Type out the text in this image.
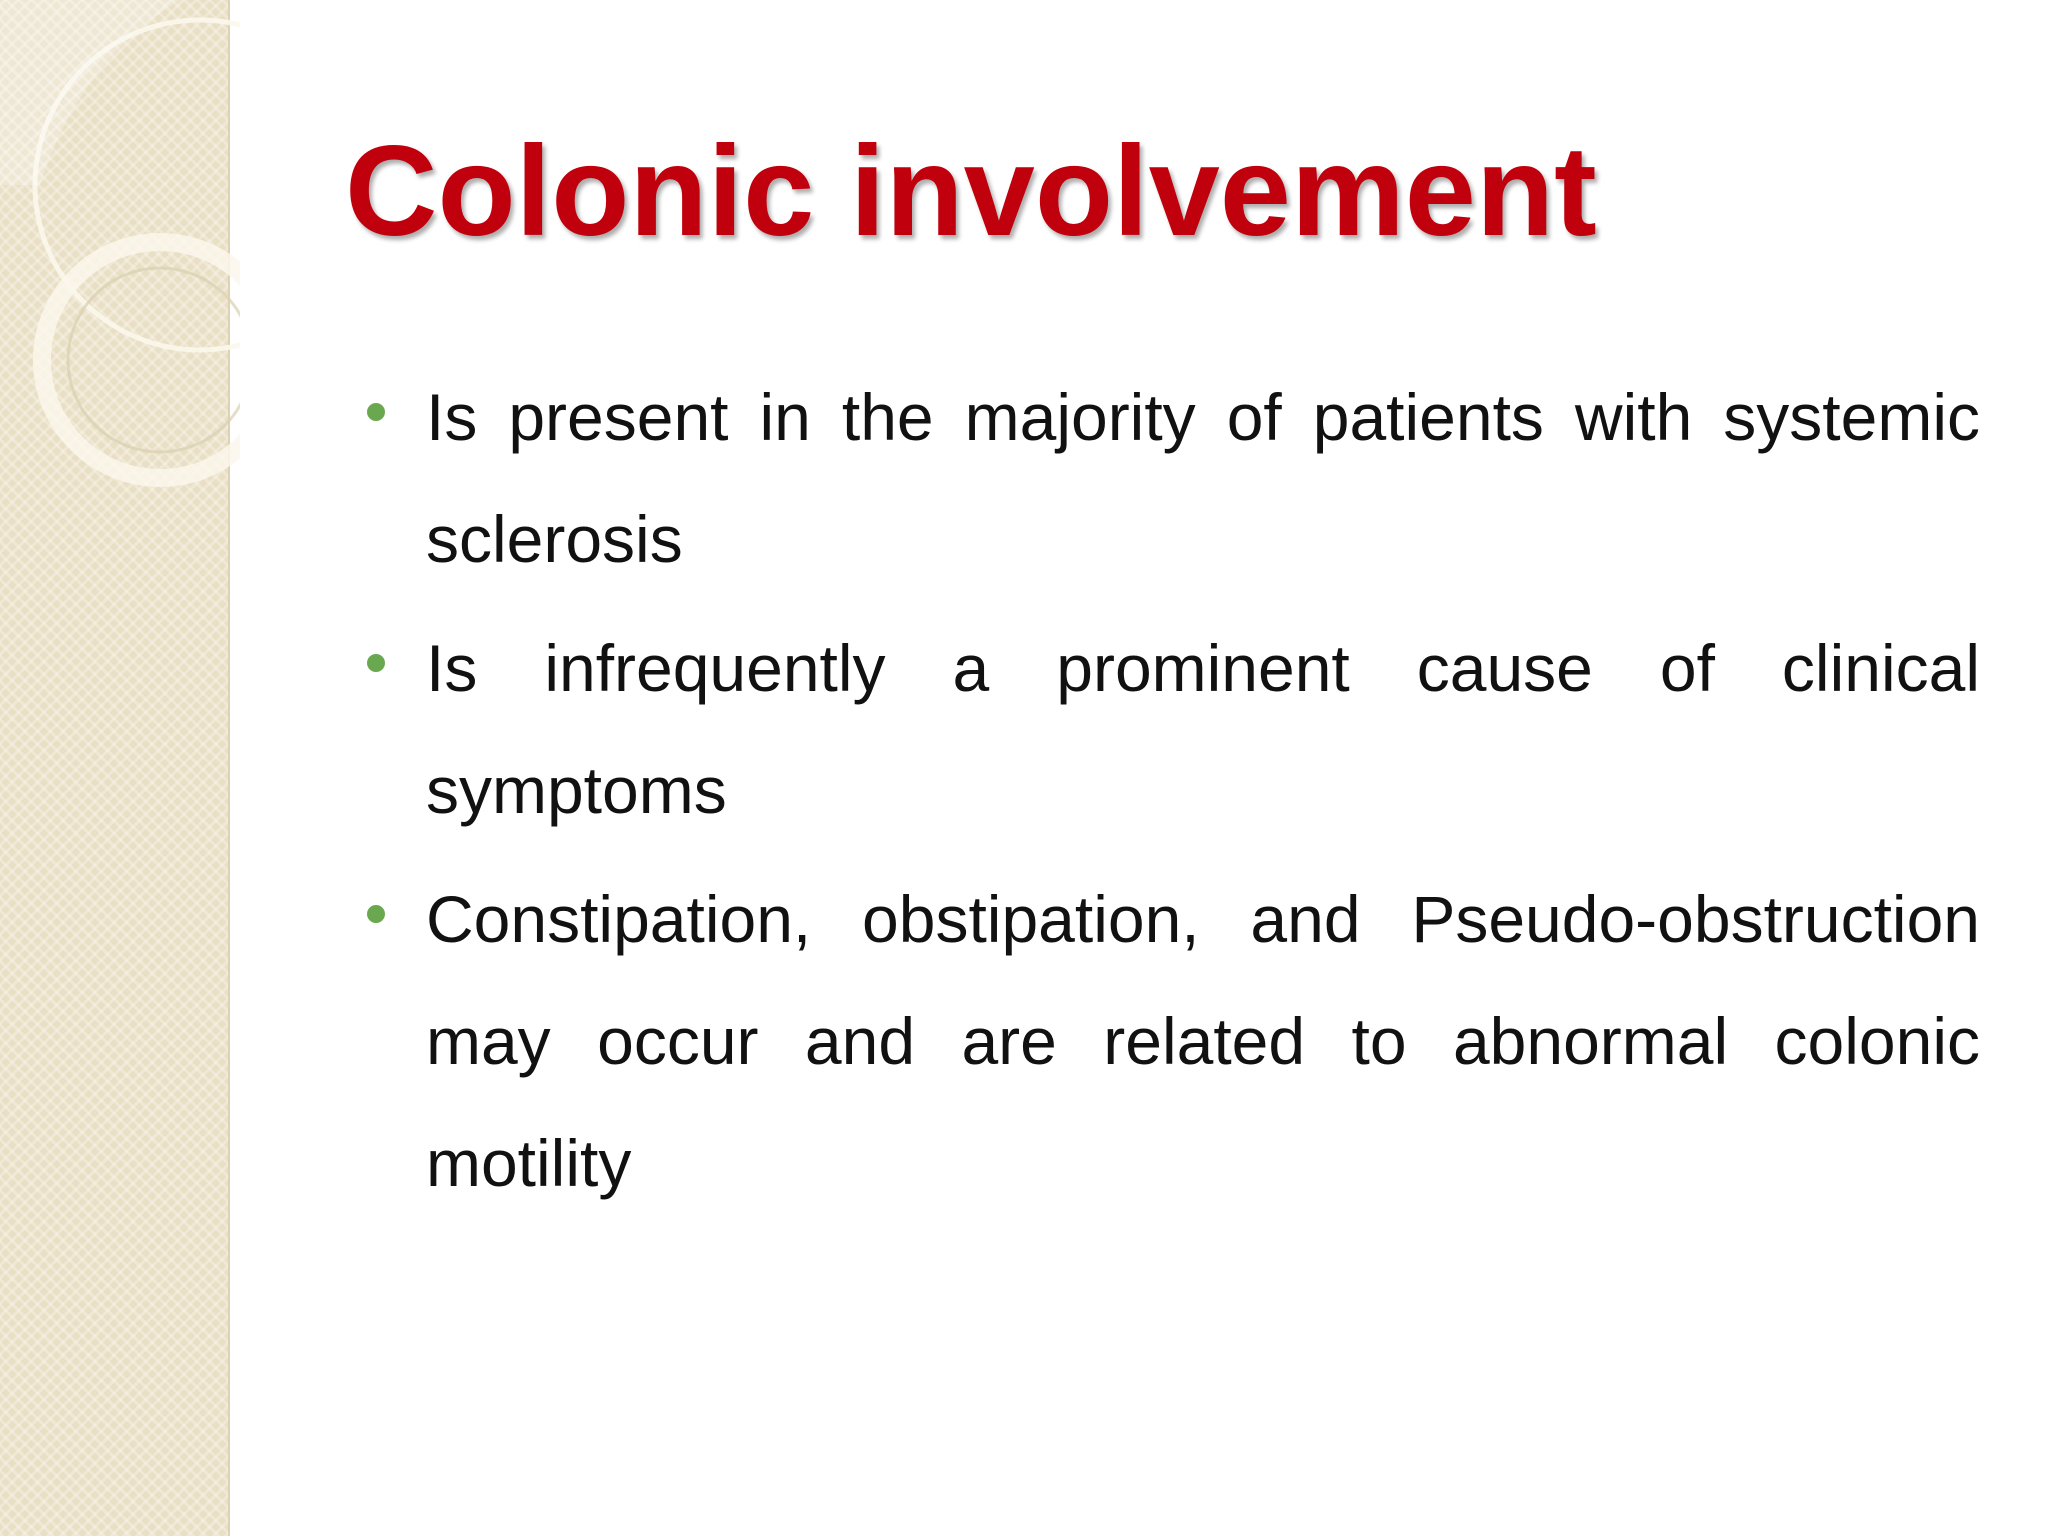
Colonic involvement
Is present in the majority of patients with systemic sclerosis
Is infrequently a prominent cause of clinical symptoms
Constipation, obstipation, and Pseudo-obstruction may occur and are related to abnormal colonic motility
